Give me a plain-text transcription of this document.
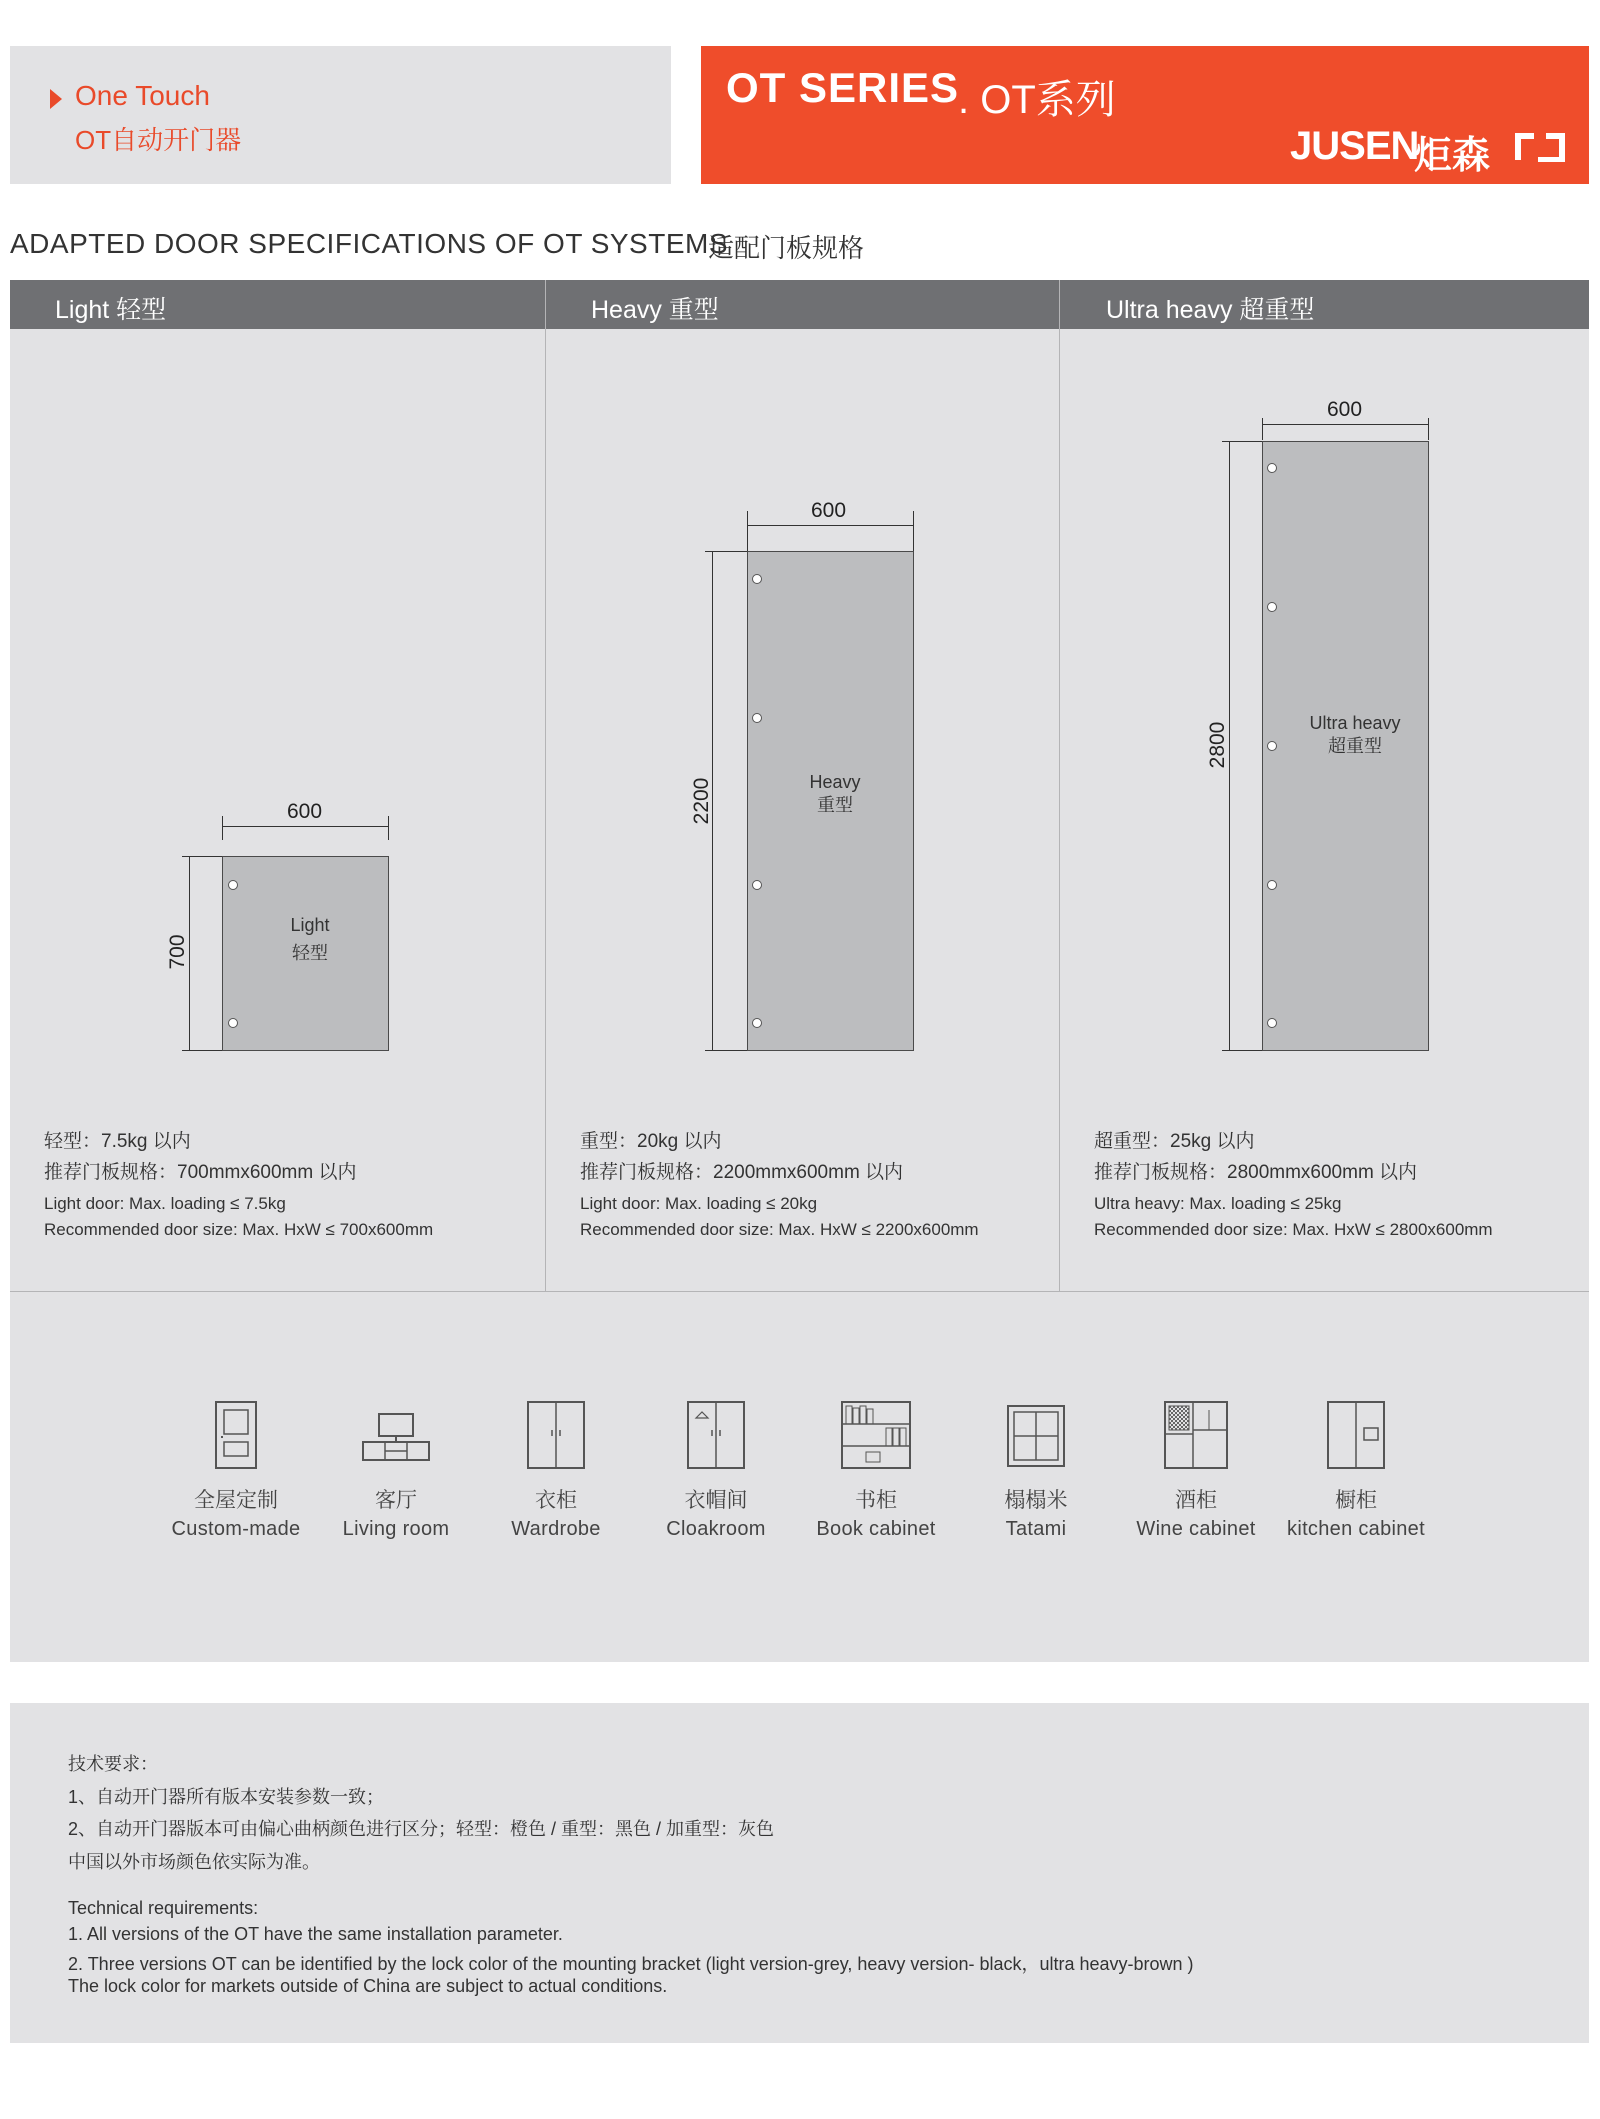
One Touch
OT自动开门器
OT SERIES
. OT系列
JUSEN
炬森
ADAPTED DOOR SPECIFICATIONS OF OT SYSTEMS
适配门板规格
Light 轻型	Heavy 重型	Ultra heavy 超重型
600
700
Light
轻型
600
2200	Heavy
重型
600
2800	Ultra heavy
超重型
轻型：7.5kg 以内
推荐门板规格：700mmx600mm 以内
Light door: Max. loading ≤ 7.5kg
Recommended door size: Max. HxW ≤ 700x600mm
重型：20kg 以内
推荐门板规格：2200mmx600mm 以内
Light door: Max. loading ≤ 20kg
Recommended door size: Max. HxW ≤ 2200x600mm
超重型：25kg 以内
推荐门板规格：2800mmx600mm 以内
Ultra heavy: Max. loading ≤ 25kg
Recommended door size: Max. HxW ≤ 2800x600mm
全屋定制
Custom-made
客厅
Living room
衣柜
Wardrobe
衣帽间
Cloakroom
书柜
Book cabinet
榻榻米
Tatami
酒柜
Wine cabinet
橱柜
kitchen cabinet
技术要求：
1、自动开门器所有版本安装参数一致；
2、自动开门器版本可由偏心曲柄颜色进行区分；轻型：橙色 / 重型：黑色 / 加重型：灰色
中国以外市场颜色依实际为准。
Technical requirements:
1. All versions of the OT have the same installation parameter.
2. Three versions OT can be identified by the lock color of the mounting bracket (light version-grey, heavy version- black，ultra heavy-brown )
The lock color for markets outside of China are subject to actual conditions.
